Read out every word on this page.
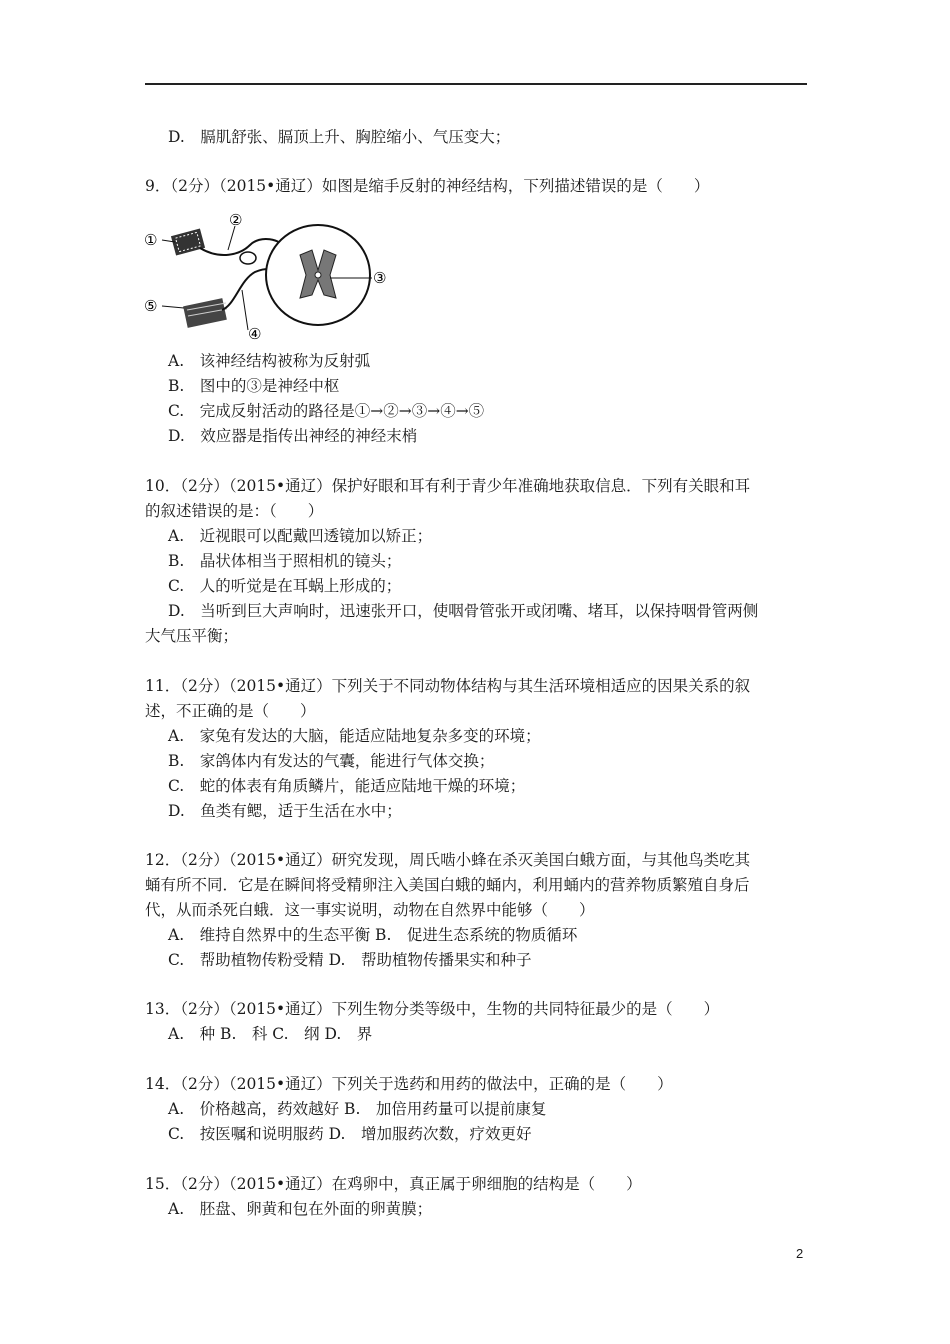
D.　膈肌舒张、膈顶上升、胸腔缩小、气压变大；
9．（2分）（2015•通辽）如图是缩手反射的神经结构，下列描述错误的是（　　）
①
②
③
④
⑤
A.　该神经结构被称为反射弧
B.　图中的③是神经中枢
C.　完成反射活动的路径是①→②→③→④→⑤
D.　效应器是指传出神经的神经末梢
10．（2分）（2015•通辽）保护好眼和耳有利于青少年准确地获取信息．下列有关眼和耳
的叙述错误的是：（　　）
A.　近视眼可以配戴凹透镜加以矫正；
B.　晶状体相当于照相机的镜头；
C.　人的听觉是在耳蜗上形成的；
D.　当听到巨大声响时，迅速张开口，使咽骨管张开或闭嘴、堵耳，以保持咽骨管两侧
大气压平衡；
11．（2分）（2015•通辽）下列关于不同动物体结构与其生活环境相适应的因果关系的叙
述，不正确的是（　　）
A.　家兔有发达的大脑，能适应陆地复杂多变的环境；
B.　家鸽体内有发达的气囊，能进行气体交换；
C.　蛇的体表有角质鳞片，能适应陆地干燥的环境；
D.　鱼类有鳃，适于生活在水中；
12．（2分）（2015•通辽）研究发现，周氏啮小蜂在杀灭美国白蛾方面，与其他鸟类吃其
蛹有所不同．它是在瞬间将受精卵注入美国白蛾的蛹内，利用蛹内的营养物质繁殖自身后
代，从而杀死白蛾．这一事实说明，动物在自然界中能够（　　）
A.　维持自然界中的生态平衡 B.　促进生态系统的物质循环
C.　帮助植物传粉受精 D.　帮助植物传播果实和种子
13．（2分）（2015•通辽）下列生物分类等级中，生物的共同特征最少的是（　　）
A.　种 B.　科 C.　纲 D.　界
14．（2分）（2015•通辽）下列关于选药和用药的做法中，正确的是（　　）
A.　价格越高，药效越好 B.　加倍用药量可以提前康复
C.　按医嘱和说明服药 D.　增加服药次数，疗效更好
15．（2分）（2015•通辽）在鸡卵中，真正属于卵细胞的结构是（　　）
A.　胚盘、卵黄和包在外面的卵黄膜；
2
